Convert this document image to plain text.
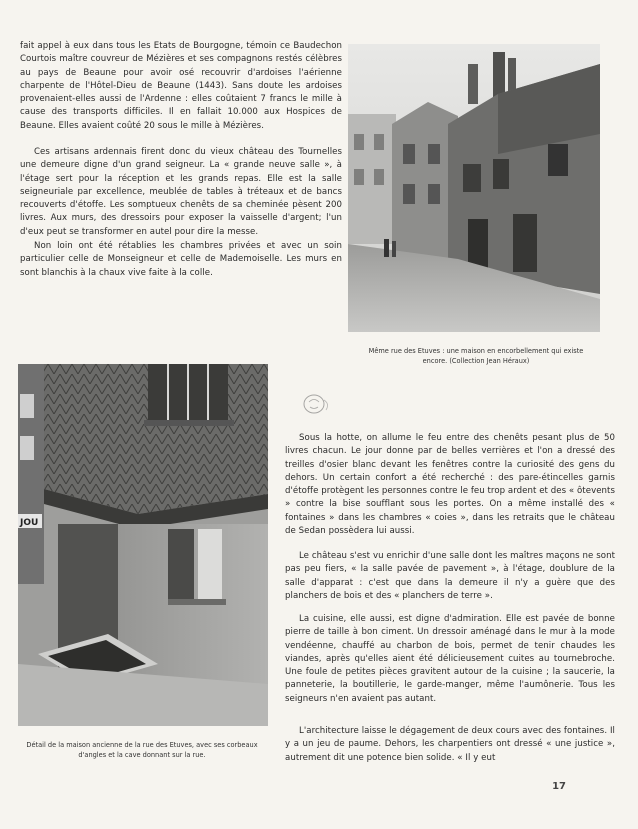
fait appel à eux dans tous les Etats de Bourgogne, témoin ce Baudechon Courtois maître couvreur de Mézières et ses compagnons restés célèbres au pays de Beaune pour avoir osé recouvrir d'ardoises l'aérienne charpente de l'Hôtel-Dieu de Beaune (1443). Sans doute les ardoises provenaient-elles aussi de l'Ardenne : elles coûtaient 7 francs le mille à cause des transports difficiles. Il en fallait 10.000 aux Hospices de Beaune. Elles avaient coûté 20 sous le mille à Mézières.

Ces artisans ardennais firent donc du vieux château des Tournelles une demeure digne d'un grand seigneur. La « grande neuve salle », à l'étage sert pour la réception et les grands repas. Elle est la salle seigneuriale par excellence, meublée de tables à tréteaux et de bancs recouverts d'étoffe. Les somptueux chenêts de sa cheminée pèsent 200 livres. Aux murs, des dressoirs pour exposer la vaisselle d'argent; l'un d'eux peut se transformer en autel pour dire la messe.

Non loin ont été rétablies les chambres privées et avec un soin particulier celle de Monseigneur et celle de Mademoiselle. Les murs en sont blanchis à la chaux vive faite à la colle.

Même rue des Etuves : une maison en encorbellement qui existe encore. (Collection Jean Héraux)

JOU

Détail de la maison ancienne de la rue des Etuves, avec ses corbeaux d'angles et la cave donnant sur la rue.

Sous la hotte, on allume le feu entre des chenêts pesant plus de 50 livres chacun. Le jour donne par de belles verrières et l'on a dressé des treilles d'osier blanc devant les fenêtres contre la curiosité des gens du dehors. Un certain confort a été recherché : des pare-étincelles garnis d'étoffe protègent les personnes contre le feu trop ardent et des « ôtevents » contre la bise soufflant sous les portes. On a même installé des « fontaines » dans les chambres « coies », dans les retraits que le château de Sedan possèdera lui aussi.

Le château s'est vu enrichir d'une salle dont les maîtres maçons ne sont pas peu fiers, « la salle pavée de pavement », à l'étage, doublure de la salle d'apparat : c'est que dans la demeure il n'y a guère que des planchers de bois et des « planchers de terre ».

La cuisine, elle aussi, est digne d'admiration. Elle est pavée de bonne pierre de taille à bon ciment. Un dressoir aménagé dans le mur à la mode vendéenne, chauffé au charbon de bois, permet de tenir chaudes les viandes, après qu'elles aient été délicieusement cuites au tournebroche. Une foule de petites pièces gravitent autour de la cuisine ; la saucerie, la panneterie, la boutillerie, le garde-manger, même l'aumônerie. Tous les seigneurs n'en avaient pas autant.

L'architecture laisse le dégagement de deux cours avec des fontaines. Il y a un jeu de paume. Dehors, les charpentiers ont dressé « une justice », autrement dit une potence bien solide. « Il y eut

17
